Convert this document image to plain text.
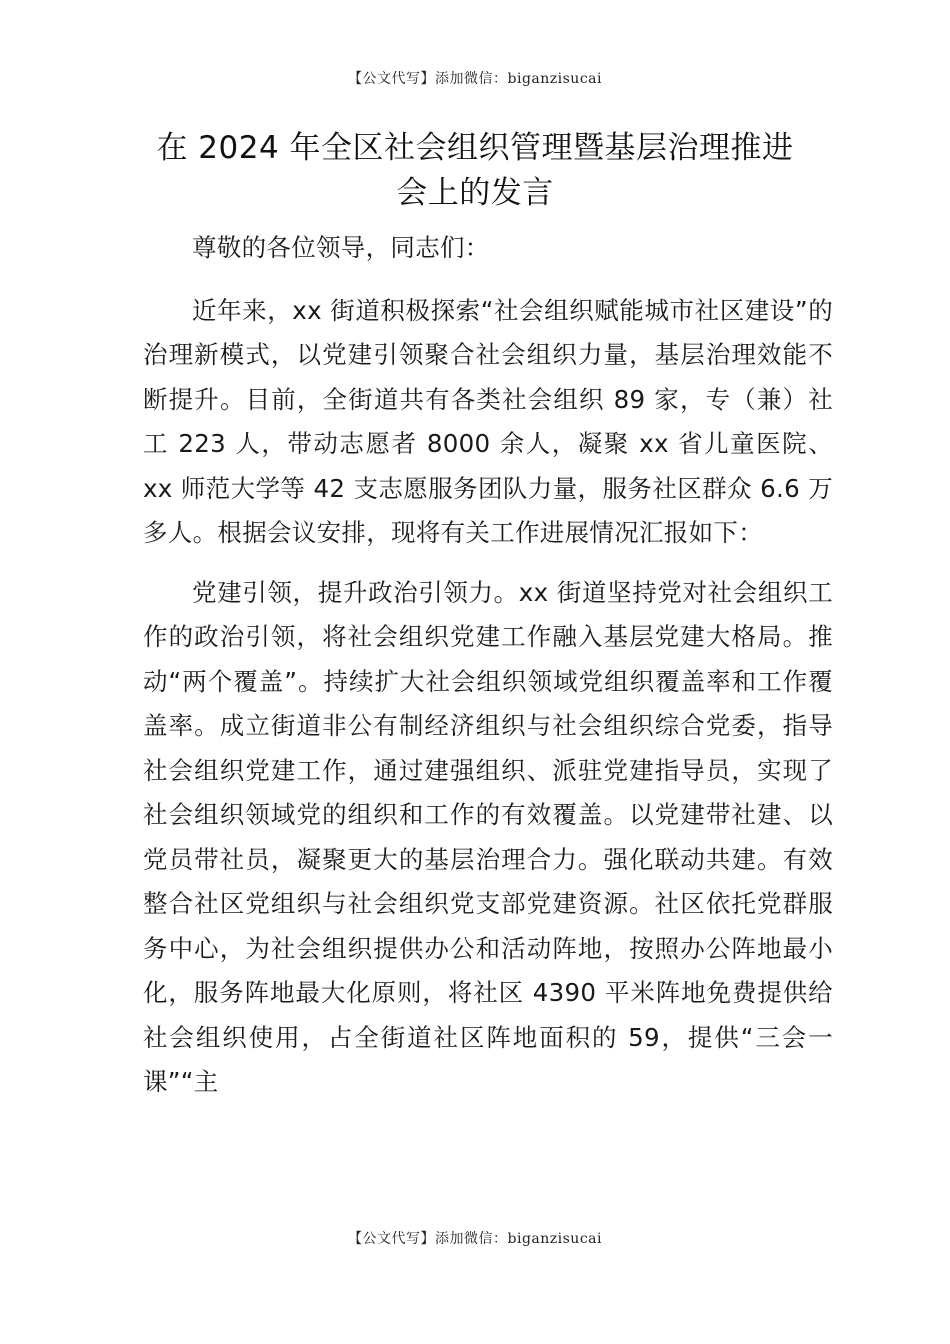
【公文代写】添加微信：biganzisucai
在 2024 年全区社会组织管理暨基层治理推进
会上的发言

尊敬的各位领导，同志们：

近年来，xx 街道积极探索“社会组织赋能城市社区建设”的治理新模式，以党建引领聚合社会组织力量，基层治理效能不断提升。目前，全街道共有各类社会组织 89 家，专（兼）社工 223 人，带动志愿者 8000 余人，凝聚 xx 省儿童医院、xx 师范大学等 42 支志愿服务团队力量，服务社区群众 6.6 万多人。根据会议安排，现将有关工作进展情况汇报如下：

党建引领，提升政治引领力。xx 街道坚持党对社会组织工作的政治引领，将社会组织党建工作融入基层党建大格局。推动“两个覆盖”。持续扩大社会组织领域党组织覆盖率和工作覆盖率。成立街道非公有制经济组织与社会组织综合党委，指导社会组织党建工作，通过建强组织、派驻党建指导员，实现了社会组织领域党的组织和工作的有效覆盖。以党建带社建、以党员带社员，凝聚更大的基层治理合力。强化联动共建。有效整合社区党组织与社会组织党支部党建资源。社区依托党群服务中心，为社会组织提供办公和活动阵地，按照办公阵地最小化，服务阵地最大化原则，将社区 4390 平米阵地免费提供给社会组织使用，占全街道社区阵地面积的 59，提供“三会一课”“主

【公文代写】添加微信：biganzisucai
